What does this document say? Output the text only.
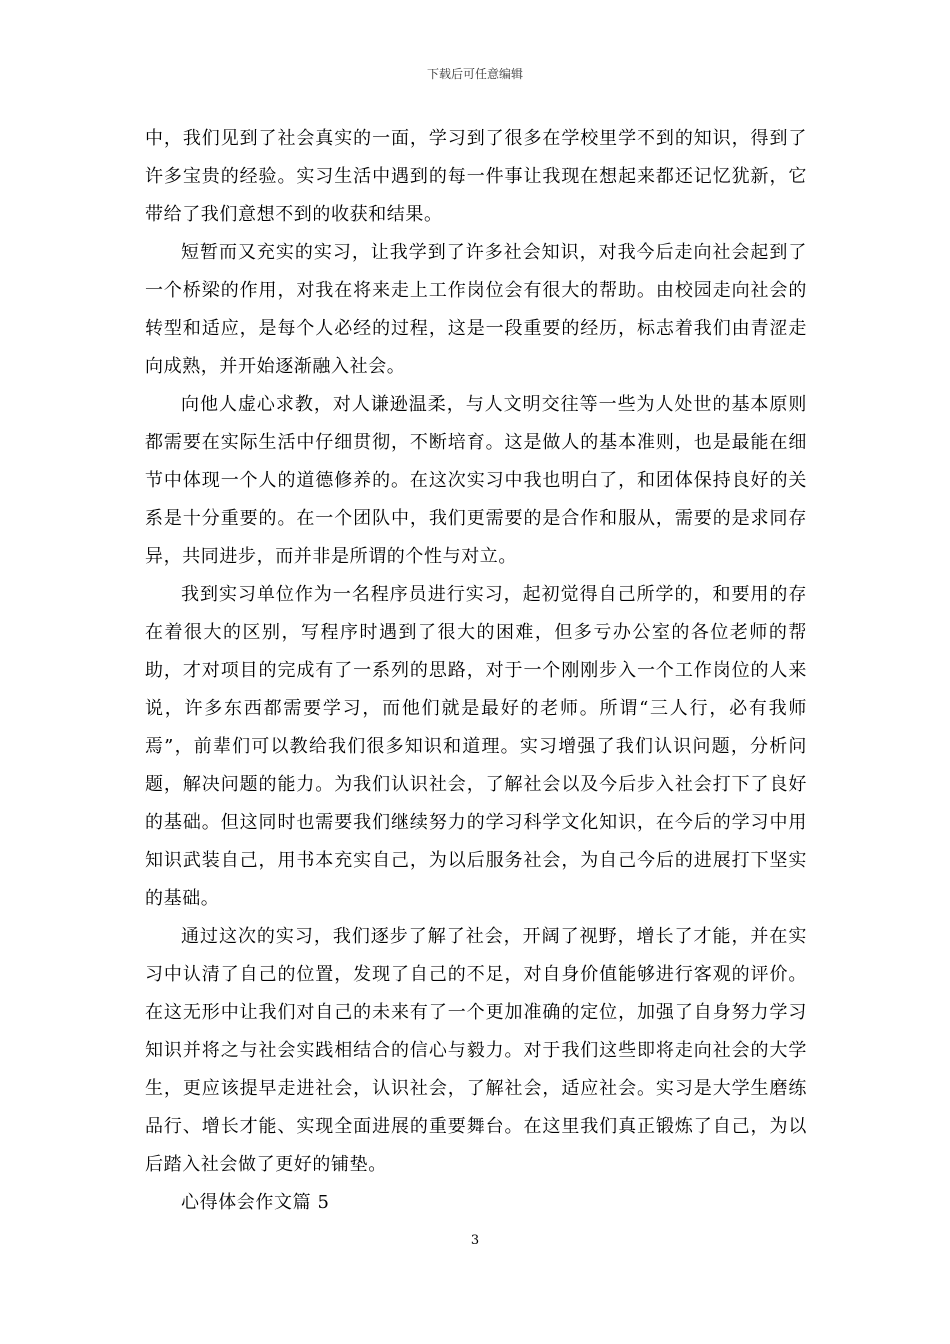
下载后可任意编辑

中，我们见到了社会真实的一面，学习到了很多在学校里学不到的知识，得到了许多宝贵的经验。实习生活中遇到的每一件事让我现在想起来都还记忆犹新，它带给了我们意想不到的收获和结果。

短暂而又充实的实习，让我学到了许多社会知识，对我今后走向社会起到了一个桥梁的作用，对我在将来走上工作岗位会有很大的帮助。由校园走向社会的转型和适应，是每个人必经的过程，这是一段重要的经历，标志着我们由青涩走向成熟，并开始逐渐融入社会。

向他人虚心求教，对人谦逊温柔，与人文明交往等一些为人处世的基本原则都需要在实际生活中仔细贯彻，不断培育。这是做人的基本准则，也是最能在细节中体现一个人的道德修养的。在这次实习中我也明白了，和团体保持良好的关系是十分重要的。在一个团队中，我们更需要的是合作和服从，需要的是求同存异，共同进步，而并非是所谓的个性与对立。

我到实习单位作为一名程序员进行实习，起初觉得自己所学的，和要用的存在着很大的区别，写程序时遇到了很大的困难，但多亏办公室的各位老师的帮助，才对项目的完成有了一系列的思路，对于一个刚刚步入一个工作岗位的人来说，许多东西都需要学习，而他们就是最好的老师。所谓“三人行，必有我师焉”，前辈们可以教给我们很多知识和道理。实习增强了我们认识问题，分析问题，解决问题的能力。为我们认识社会，了解社会以及今后步入社会打下了良好的基础。但这同时也需要我们继续努力的学习科学文化知识，在今后的学习中用知识武装自己，用书本充实自己，为以后服务社会，为自己今后的进展打下坚实的基础。

通过这次的实习，我们逐步了解了社会，开阔了视野，增长了才能，并在实习中认清了自己的位置，发现了自己的不足，对自身价值能够进行客观的评价。在这无形中让我们对自己的未来有了一个更加准确的定位，加强了自身努力学习知识并将之与社会实践相结合的信心与毅力。对于我们这些即将走向社会的大学生，更应该提早走进社会，认识社会，了解社会，适应社会。实习是大学生磨练品行、增长才能、实现全面进展的重要舞台。在这里我们真正锻炼了自己，为以后踏入社会做了更好的铺垫。

心得体会作文篇 5

3
